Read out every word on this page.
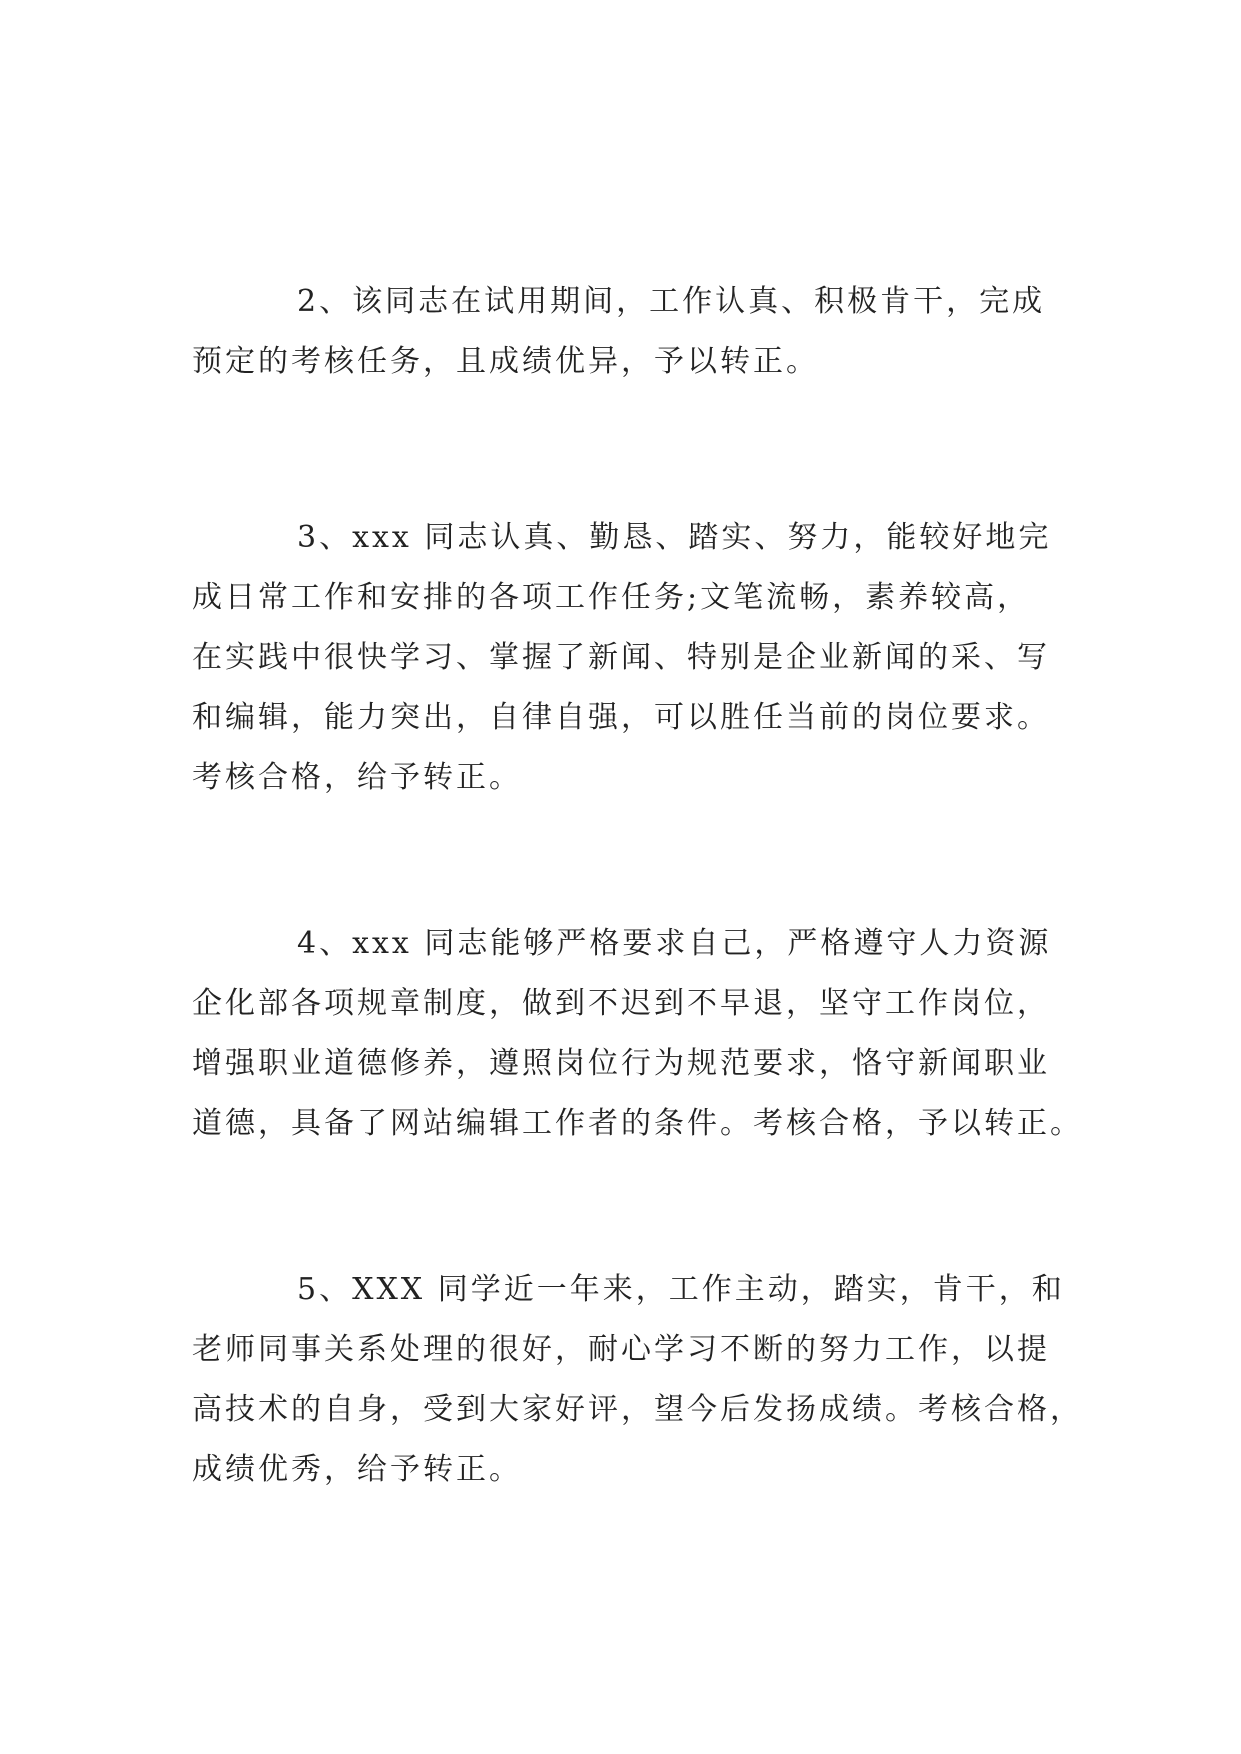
2、该同志在试用期间，工作认真、积极肯干，完成
预定的考核任务，且成绩优异，予以转正。

3、xxx 同志认真、勤恳、踏实、努力，能较好地完
成日常工作和安排的各项工作任务;文笔流畅，素养较高，
在实践中很快学习、掌握了新闻、特别是企业新闻的采、写
和编辑，能力突出，自律自强，可以胜任当前的岗位要求。
考核合格，给予转正。

4、xxx 同志能够严格要求自己，严格遵守人力资源
企化部各项规章制度，做到不迟到不早退，坚守工作岗位，
增强职业道德修养，遵照岗位行为规范要求，恪守新闻职业
道德，具备了网站编辑工作者的条件。考核合格，予以转正。

5、XXX 同学近一年来，工作主动，踏实，肯干，和
老师同事关系处理的很好，耐心学习不断的努力工作，以提
高技术的自身，受到大家好评，望今后发扬成绩。考核合格，
成绩优秀，给予转正。
